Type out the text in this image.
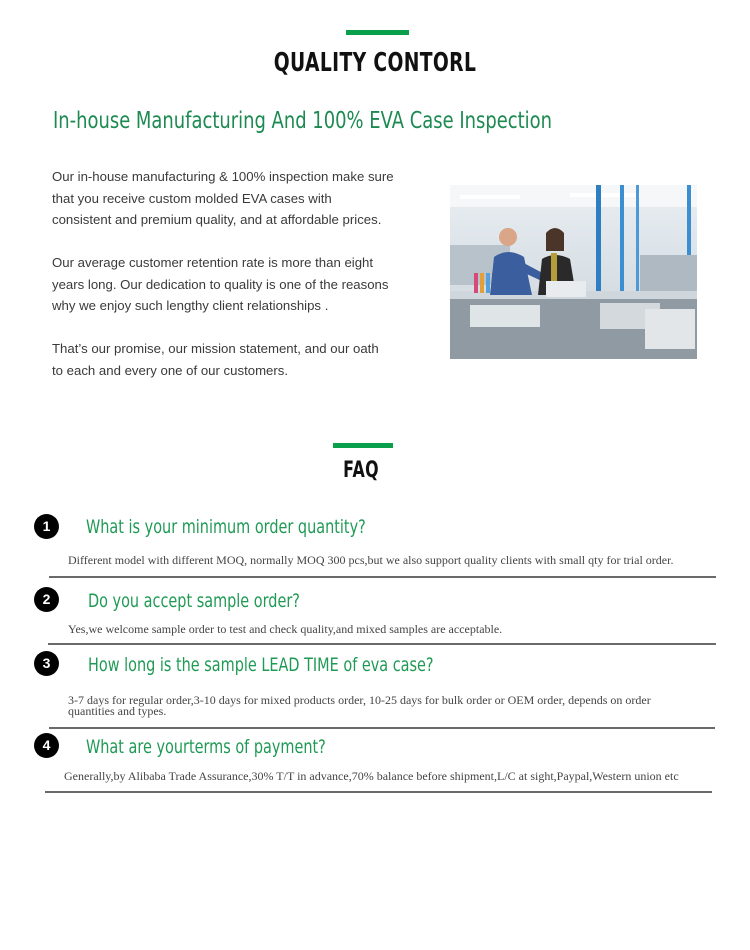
QUALITY CONTORL
In-house Manufacturing And 100% EVA Case Inspection
Our in-house manufacturing & 100% inspection make sure
that you receive custom molded EVA cases with
consistent and premium quality, and at affordable prices.
Our average customer retention rate is more than eight
years long. Our dedication to quality is one of the reasons
why we enjoy such lengthy client relationships .
That’s our promise, our mission statement, and our oath
to each and every one of our customers.
FAQ
1	What is your minimum order quantity?
Different model with different MOQ, normally MOQ 300 pcs,but we also support quality clients with small qty for trial order.
2	Do you accept sample order?
Yes,we welcome sample order to test and check quality,and mixed samples are acceptable.
3	How long is the sample LEAD TIME of eva case?
3-7 days for regular order,3-10 days for mixed products order, 10-25 days for bulk order or OEM order, depends on order
quantities and types.
4	What are yourterms of payment?
Generally,by Alibaba Trade Assurance,30% T/T in advance,70% balance before shipment,L/C at sight,Paypal,Western union etc
